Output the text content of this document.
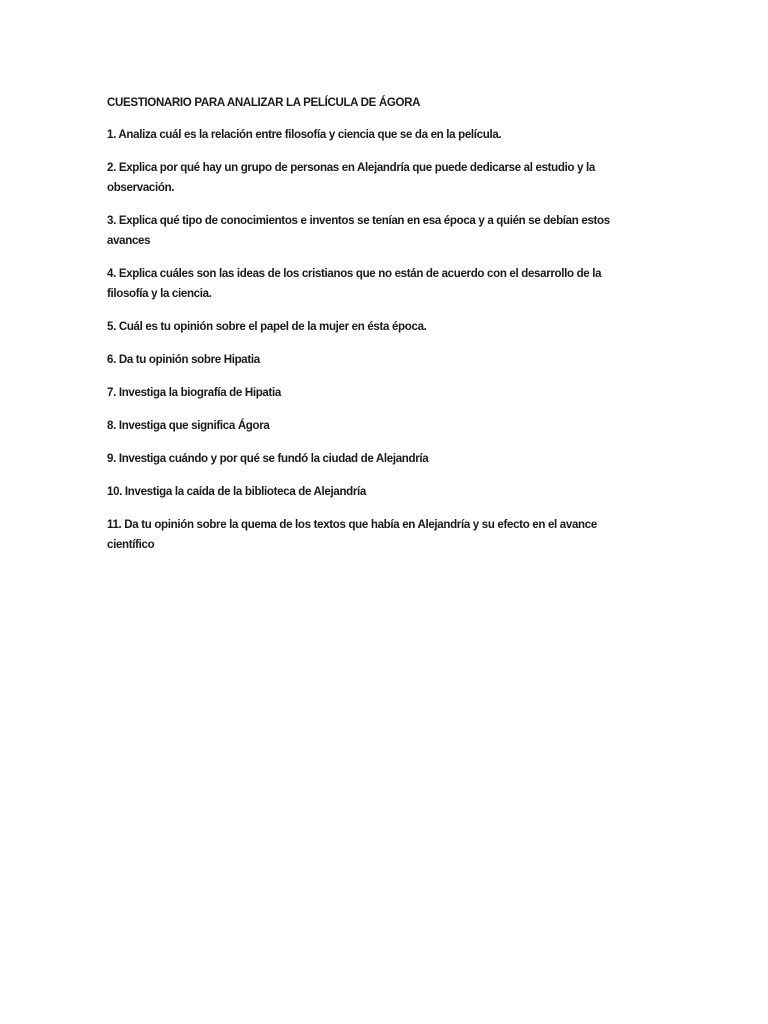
CUESTIONARIO PARA ANALIZAR LA PELÍCULA DE ÁGORA
1. Analiza cuál es la relación entre filosofía y ciencia que se da en la película.
2. Explica por qué hay un grupo de personas en Alejandría que puede dedicarse al estudio y la
observación.
3. Explica qué tipo de conocimientos e inventos se tenían en esa época y a quién se debían estos
avances
4. Explica cuáles son las ideas de los cristianos que no están de acuerdo con el desarrollo de la
filosofía y la ciencia.
5. Cuál es tu opinión sobre el papel de la mujer en ésta época.
6. Da tu opinión sobre Hipatia
7. Investiga la biografía de Hipatia
8. Investiga que significa Ágora
9. Investiga cuándo y por qué se fundó la ciudad de Alejandría
10. Investiga la caída de la biblioteca de Alejandría
11. Da tu opinión sobre la quema de los textos que había en Alejandría y su efecto en el avance
científico
